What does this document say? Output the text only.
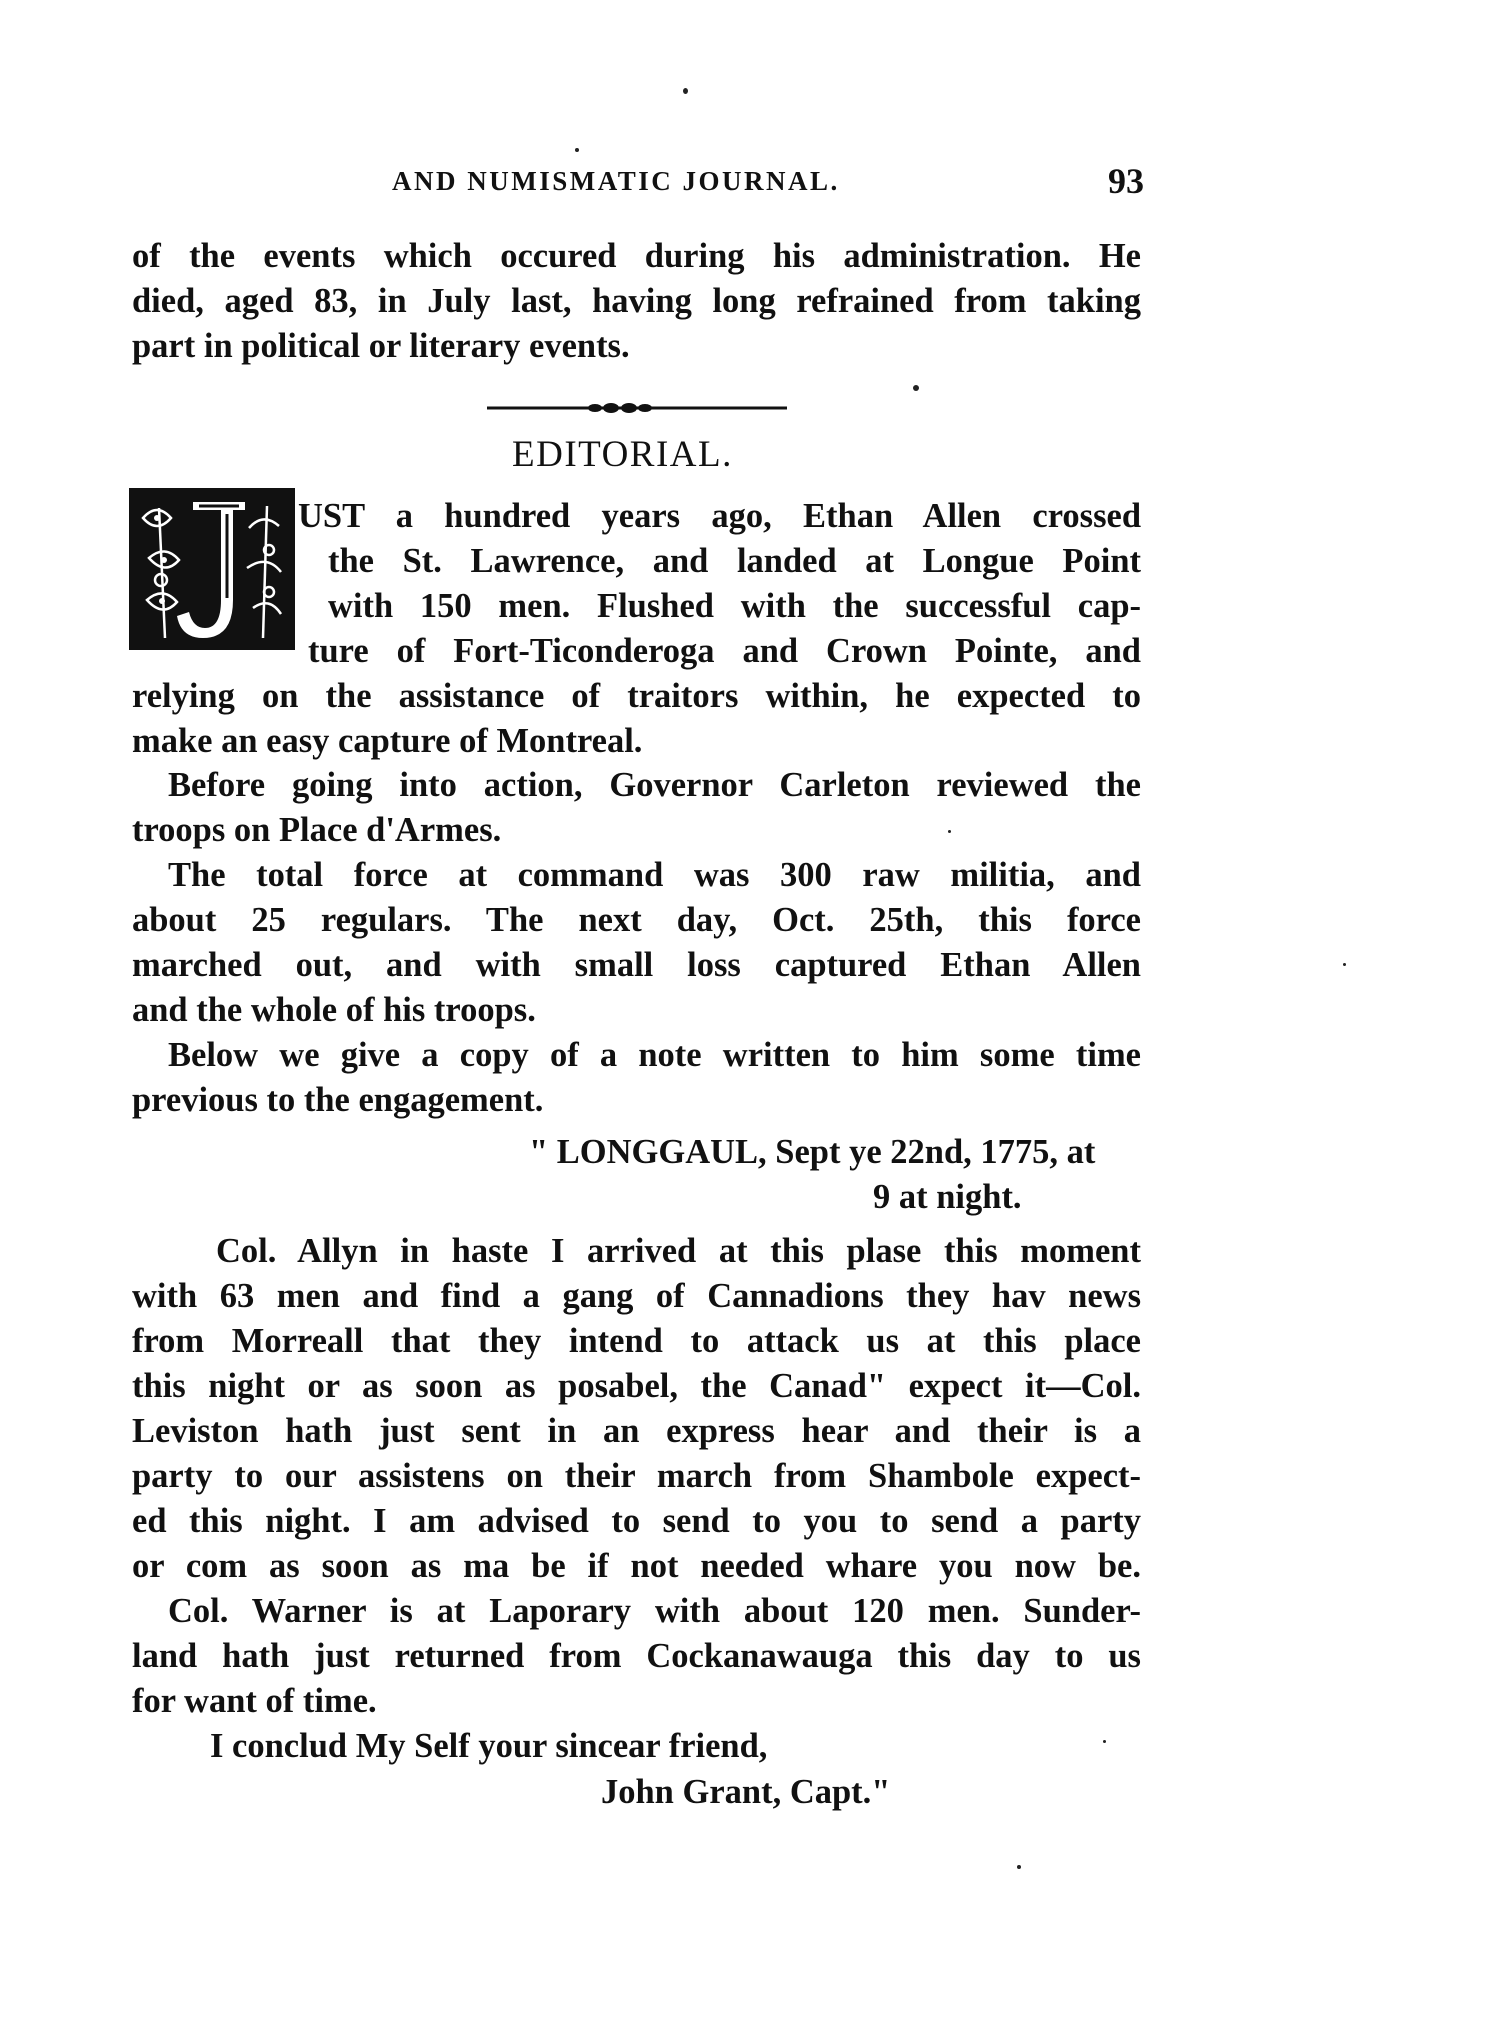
AND NUMISMATIC JOURNAL.	93
of the events which occured during his administration. He
died, aged 83, in July last, having long refrained from taking
part in political or literary events.
EDITORIAL.
J
UST a hundred years ago, Ethan Allen crossed
the St. Lawrence, and landed at Longue Point
with 150 men. Flushed with the successful cap-
ture of Fort-Ticonderoga and Crown Pointe, and
relying on the assistance of traitors within, he expected to
make an easy capture of Montreal.
Before going into action, Governor Carleton reviewed the
troops on Place d'Armes.
The total force at command was 300 raw militia, and
about 25 regulars. The next day, Oct. 25th, this force
marched out, and with small loss captured Ethan Allen
and the whole of his troops.
Below we give a copy of a note written to him some time
previous to the engagement.
" LONGGAUL, Sept ye 22nd, 1775, at
9 at night.
Col. Allyn in haste I arrived at this plase this moment
with 63 men and find a gang of Cannadions they hav news
from Morreall that they intend to attack us at this place
this night or as soon as posabel, the Canad" expect it—Col.
Leviston hath just sent in an express hear and their is a
party to our assistens on their march from Shambole expect-
ed this night. I am advised to send to you to send a party
or com as soon as ma be if not needed whare you now be.
Col. Warner is at Laporary with about 120 men. Sunder-
land hath just returned from Cockanawauga this day to us
for want of time.
I conclud My Self your sincear friend,
John Grant, Capt."
